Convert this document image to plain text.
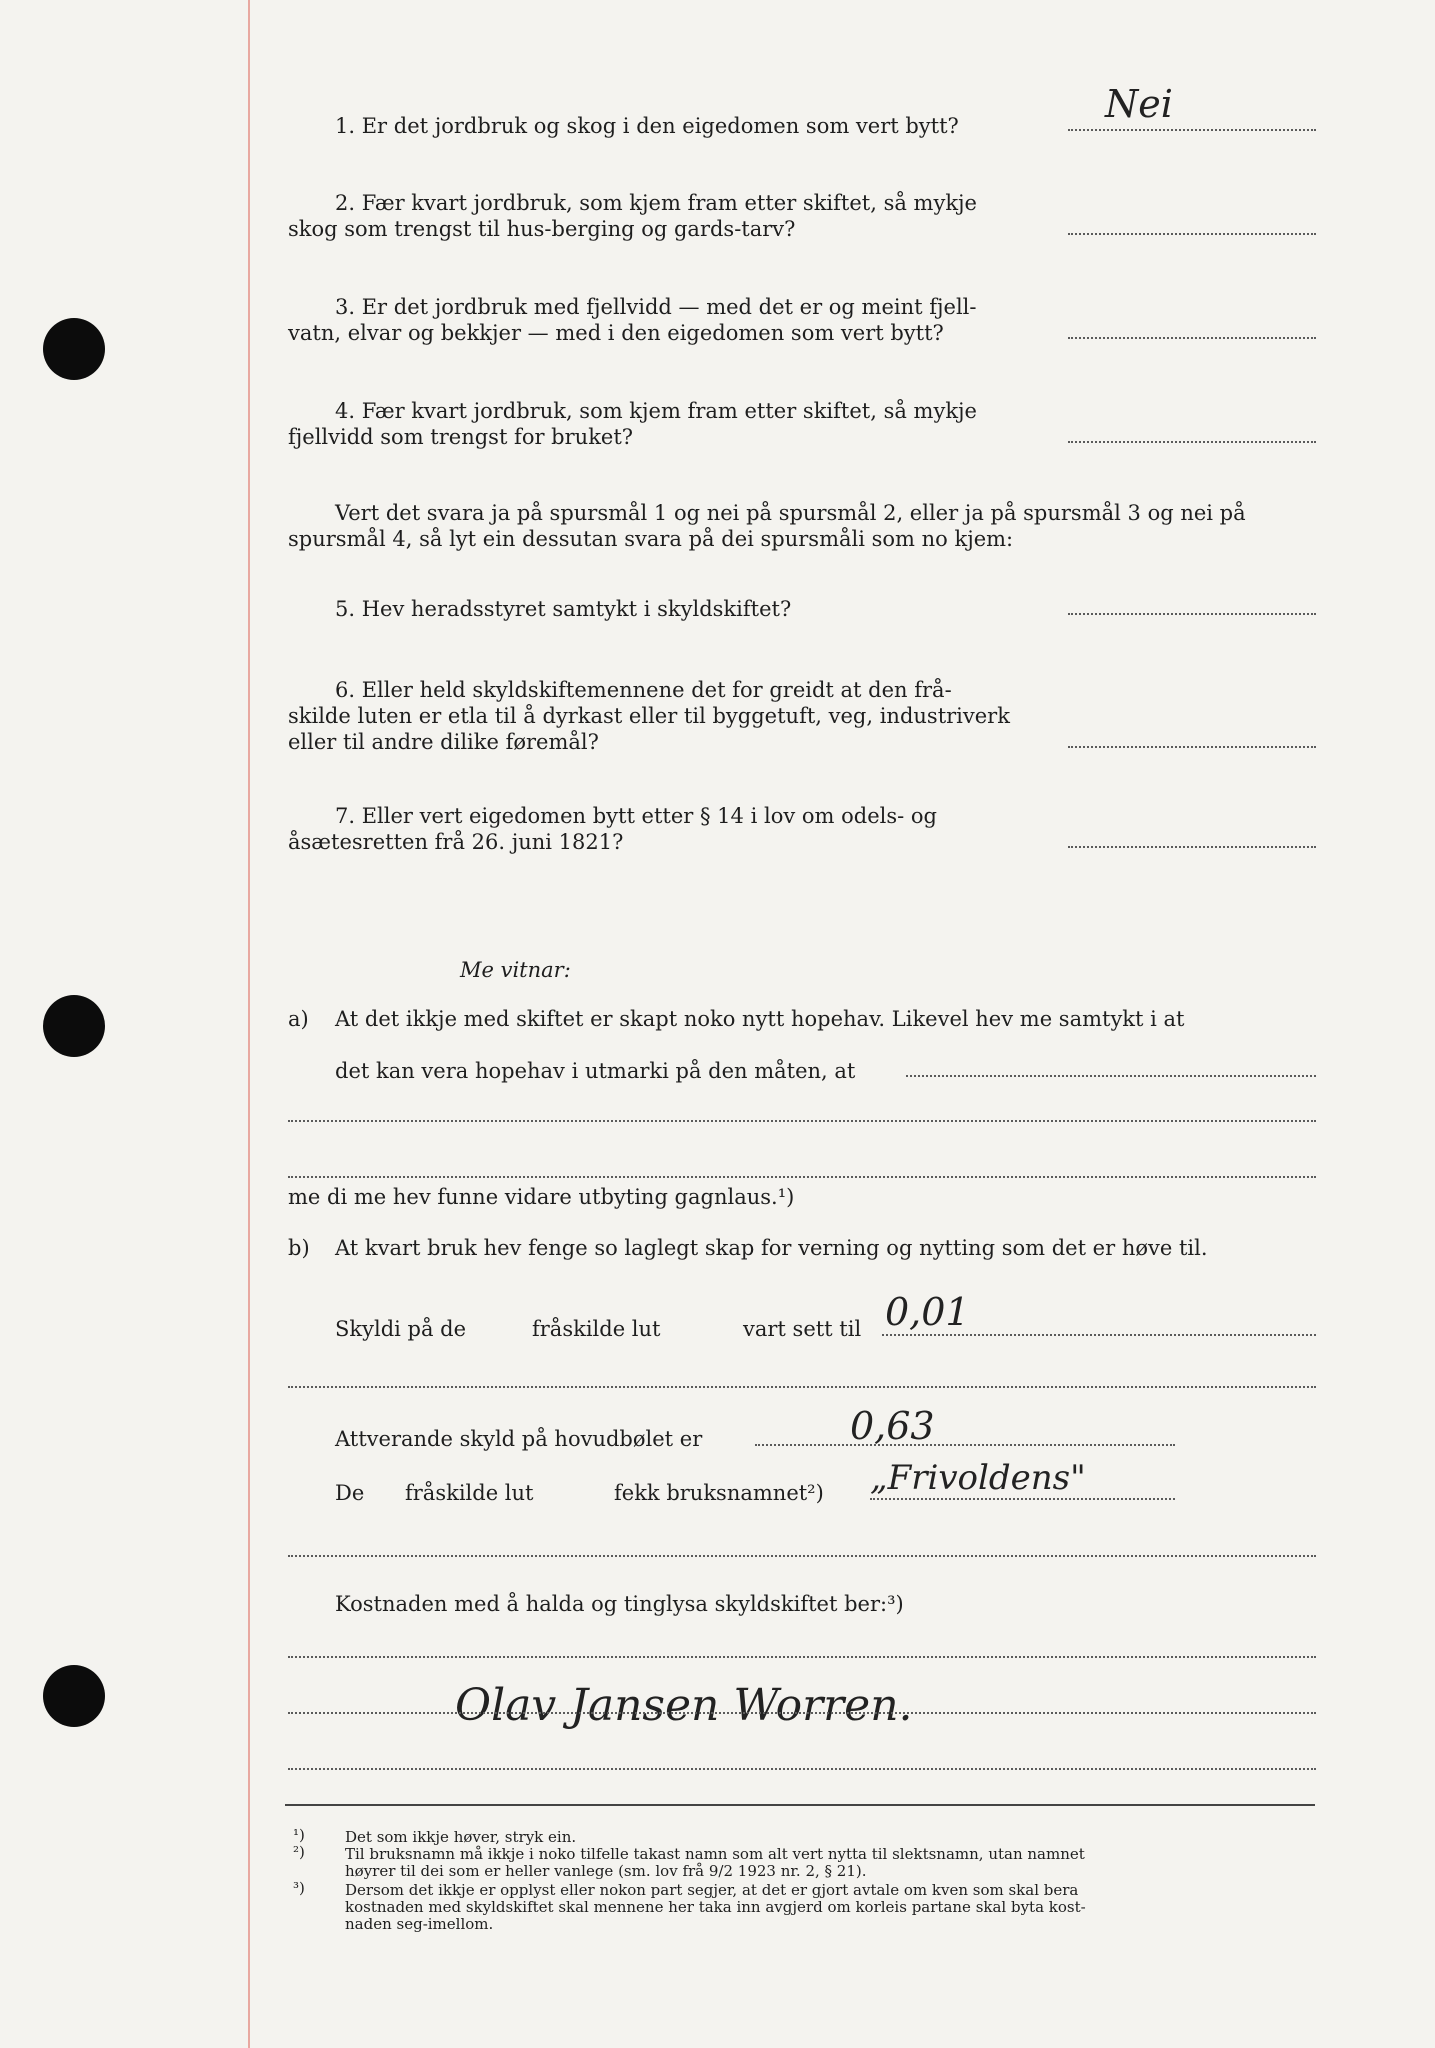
1. Er det jordbruk og skog i den eigedomen som vert bytt?	Nei
2. Fær kvart jordbruk, som kjem fram etter skiftet, så mykje
skog som trengst til hus-berging og gards-tarv?
3. Er det jordbruk med fjellvidd — med det er og meint fjell-
vatn, elvar og bekkjer — med i den eigedomen som vert bytt?
4. Fær kvart jordbruk, som kjem fram etter skiftet, så mykje
fjellvidd som trengst for bruket?
Vert det svara ja på spursmål 1 og nei på spursmål 2, eller ja på spursmål 3 og nei på
spursmål 4, så lyt ein dessutan svara på dei spursmåli som no kjem:
5. Hev heradsstyret samtykt i skyldskiftet?
6. Eller held skyldskiftemennene det for greidt at den frå-
skilde luten er etla til å dyrkast eller til byggetuft, veg, industriverk
eller til andre dilike føremål?
7. Eller vert eigedomen bytt etter § 14 i lov om odels- og
åsætesretten frå 26. juni 1821?
Me vitnar:
a) At det ikkje med skiftet er skapt noko nytt hopehav. Likevel hev me samtykt i at
det kan vera hopehav i utmarki på den måten, at
me di me hev funne vidare utbyting gagnlaus.¹)
b) At kvart bruk hev fenge so laglegt skap for verning og nytting som det er høve til.
Skyldi på de	fråskilde lut	vart sett til 0,01
Attverande skyld på hovudbølet er	0,63
De fråskilde lut	fekk bruksnamnet²) „Frivoldens"
Kostnaden med å halda og tinglysa skyldskiftet ber:³)
Olav Jansen Worren.
¹)	Det som ikkje høver, stryk ein.
²)	Til bruksnamn må ikkje i noko tilfelle takast namn som alt vert nytta til slektsnamn, utan namnet
høyrer til dei som er heller vanlege (sm. lov frå 9/2 1923 nr. 2, § 21).
³)	Dersom det ikkje er opplyst eller nokon part segjer, at det er gjort avtale om kven som skal bera
kostnaden med skyldskiftet skal mennene her taka inn avgjerd om korleis partane skal byta kost-
naden seg-imellom.
